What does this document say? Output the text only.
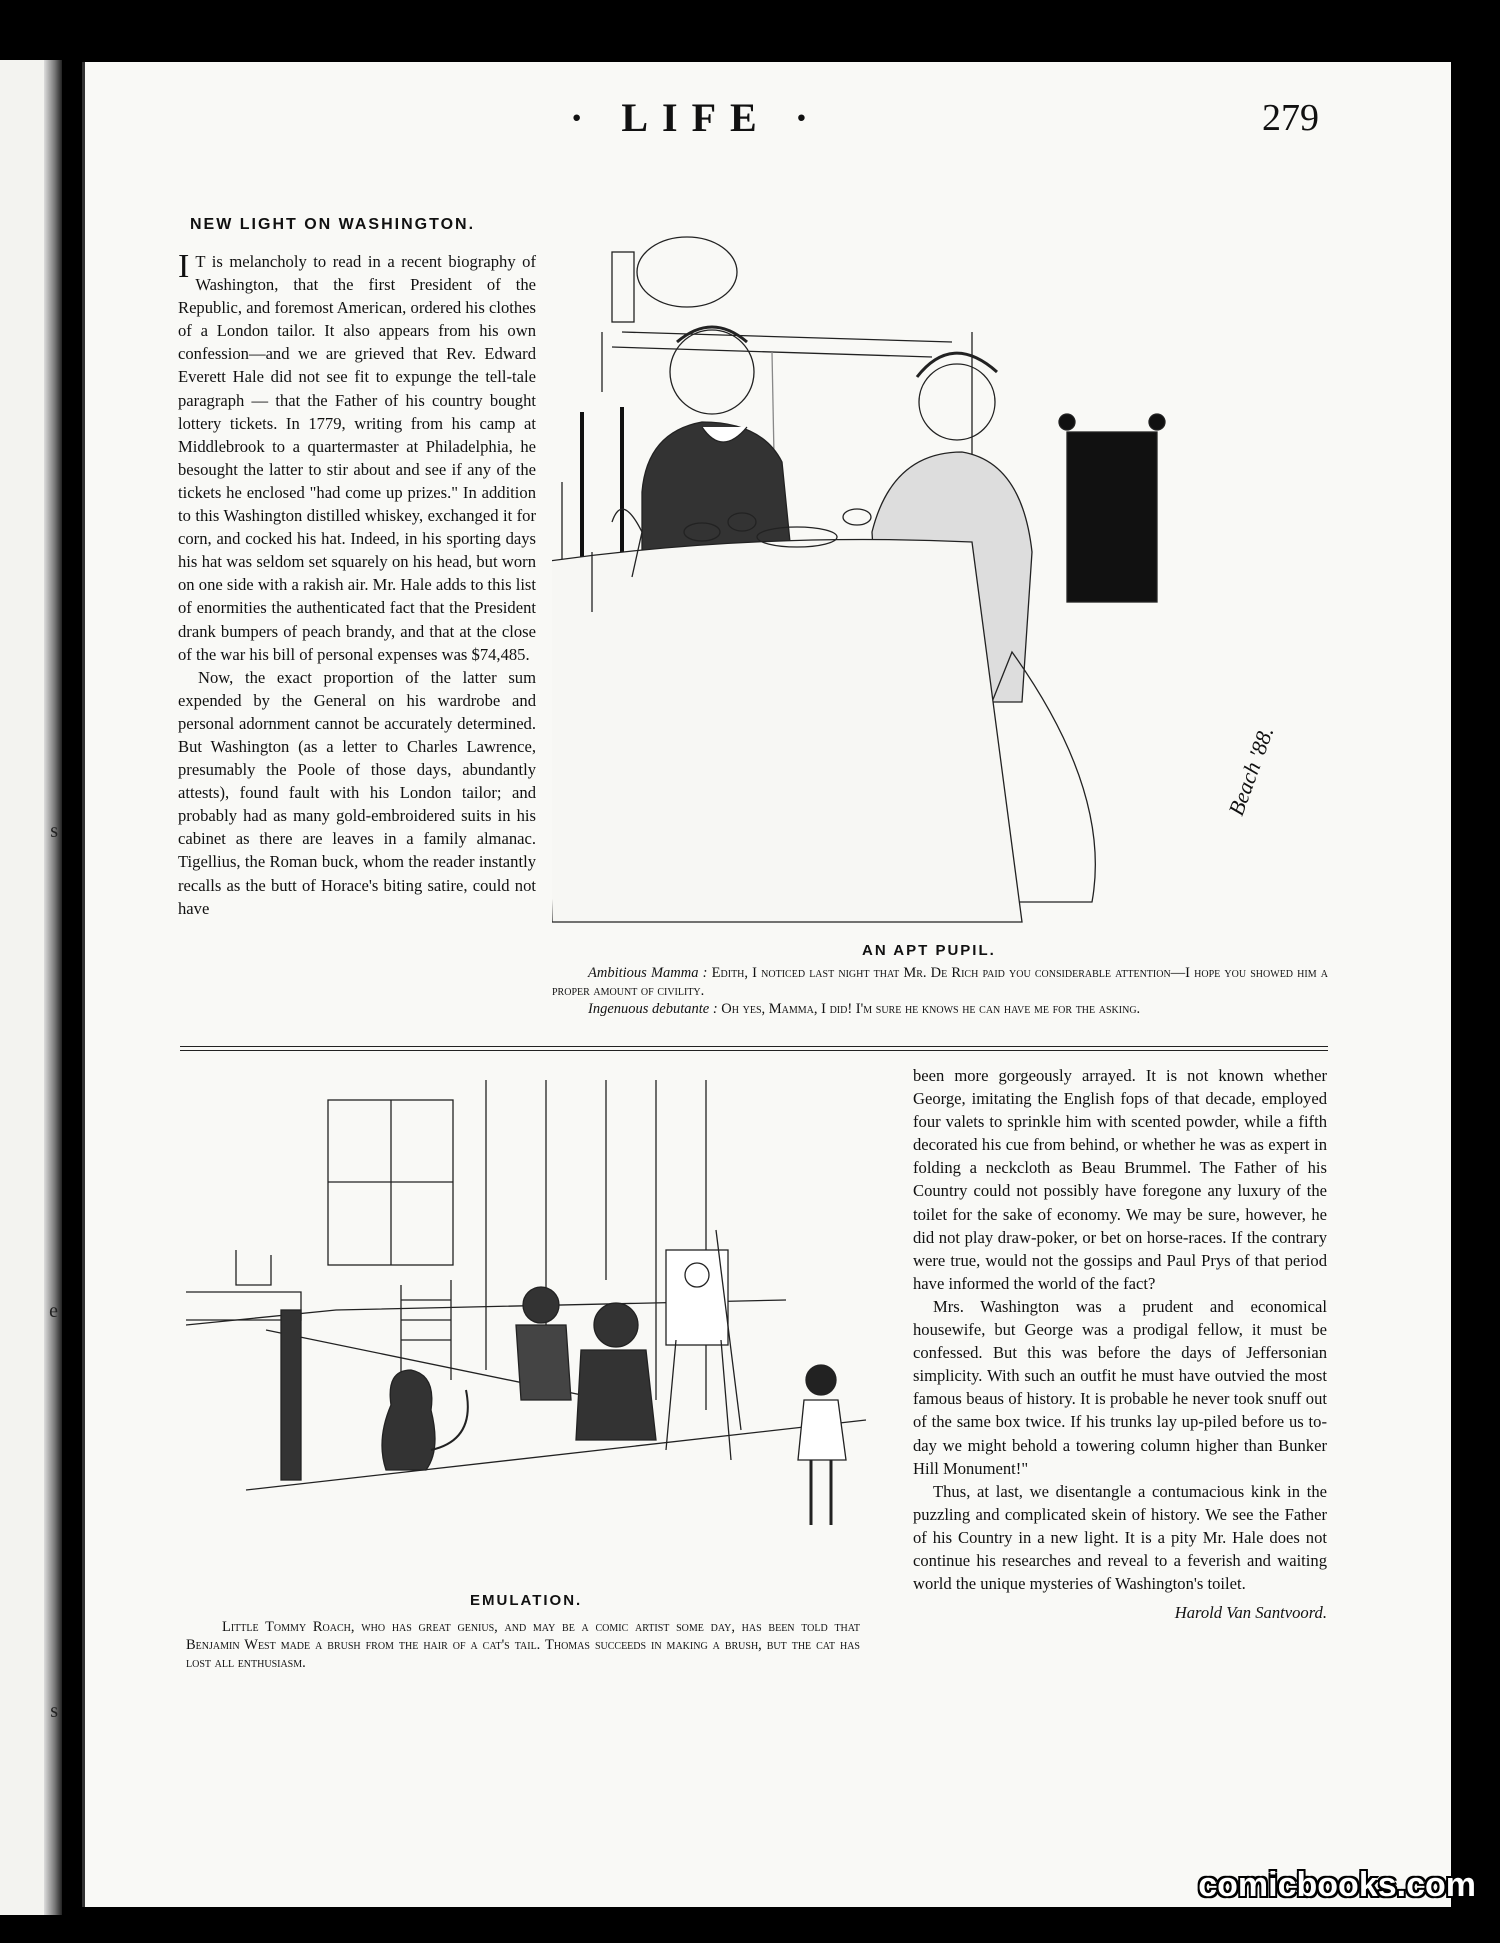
s
e
s
· LIFE ·	279
NEW LIGHT ON WASHINGTON.

IT is melancholy to read in a recent biography of Washington, that the first President of the Republic, and foremost American, ordered his clothes of a London tailor. It also appears from his own confession—and we are grieved that Rev. Edward Everett Hale did not see fit to expunge the tell-tale paragraph — that the Father of his country bought lottery tickets. In 1779, writing from his camp at Middlebrook to a quartermaster at Philadelphia, he besought the latter to stir about and see if any of the tickets he enclosed "had come up prizes." In addition to this Washington distilled whiskey, exchanged it for corn, and cocked his hat. Indeed, in his sporting days his hat was seldom set squarely on his head, but worn on one side with a rakish air. Mr. Hale adds to this list of enormities the authenticated fact that the President drank bumpers of peach brandy, and that at the close of the war his bill of personal expenses was $74,485.

Now, the exact proportion of the latter sum expended by the General on his wardrobe and personal adornment cannot be accurately determined. But Washington (as a letter to Charles Lawrence, presumably the Poole of those days, abundantly attests), found fault with his London tailor; and probably had as many gold-embroidered suits in his cabinet as there are leaves in a family almanac. Tigellius, the Roman buck, whom the reader instantly recalls as the butt of Horace's biting satire, could not have

Beach '88.
AN APT PUPIL.

Ambitious Mamma : Edith, I noticed last night that Mr. De Rich paid you considerable attention—I hope you showed him a proper amount of civility.

Ingenuous debutante : Oh yes, Mamma, I did! I'm sure he knows he can have me for the asking.

EMULATION.

Little Tommy Roach, who has great genius, and may be a comic artist some day, has been told that Benjamin West made a brush from the hair of a cat's tail. Thomas succeeds in making a brush, but the cat has lost all enthusiasm.

been more gorgeously arrayed. It is not known whether George, imitating the English fops of that decade, employed four valets to sprinkle him with scented powder, while a fifth decorated his cue from behind, or whether he was as expert in folding a neckcloth as Beau Brummel. The Father of his Country could not possibly have foregone any luxury of the toilet for the sake of economy. We may be sure, however, he did not play draw-poker, or bet on horse-races. If the contrary were true, would not the gossips and Paul Prys of that period have informed the world of the fact?

Mrs. Washington was a prudent and economical housewife, but George was a prodigal fellow, it must be confessed. But this was before the days of Jeffersonian simplicity. With such an outfit he must have outvied the most famous beaus of history. It is probable he never took snuff out of the same box twice. If his trunks lay up-piled before us to-day we might behold a towering column higher than Bunker Hill Monument!"

Thus, at last, we disentangle a contumacious kink in the puzzling and complicated skein of history. We see the Father of his Country in a new light. It is a pity Mr. Hale does not continue his researches and reveal to a feverish and waiting world the unique mysteries of Washington's toilet.

Harold Van Santvoord.

comicbooks.com
